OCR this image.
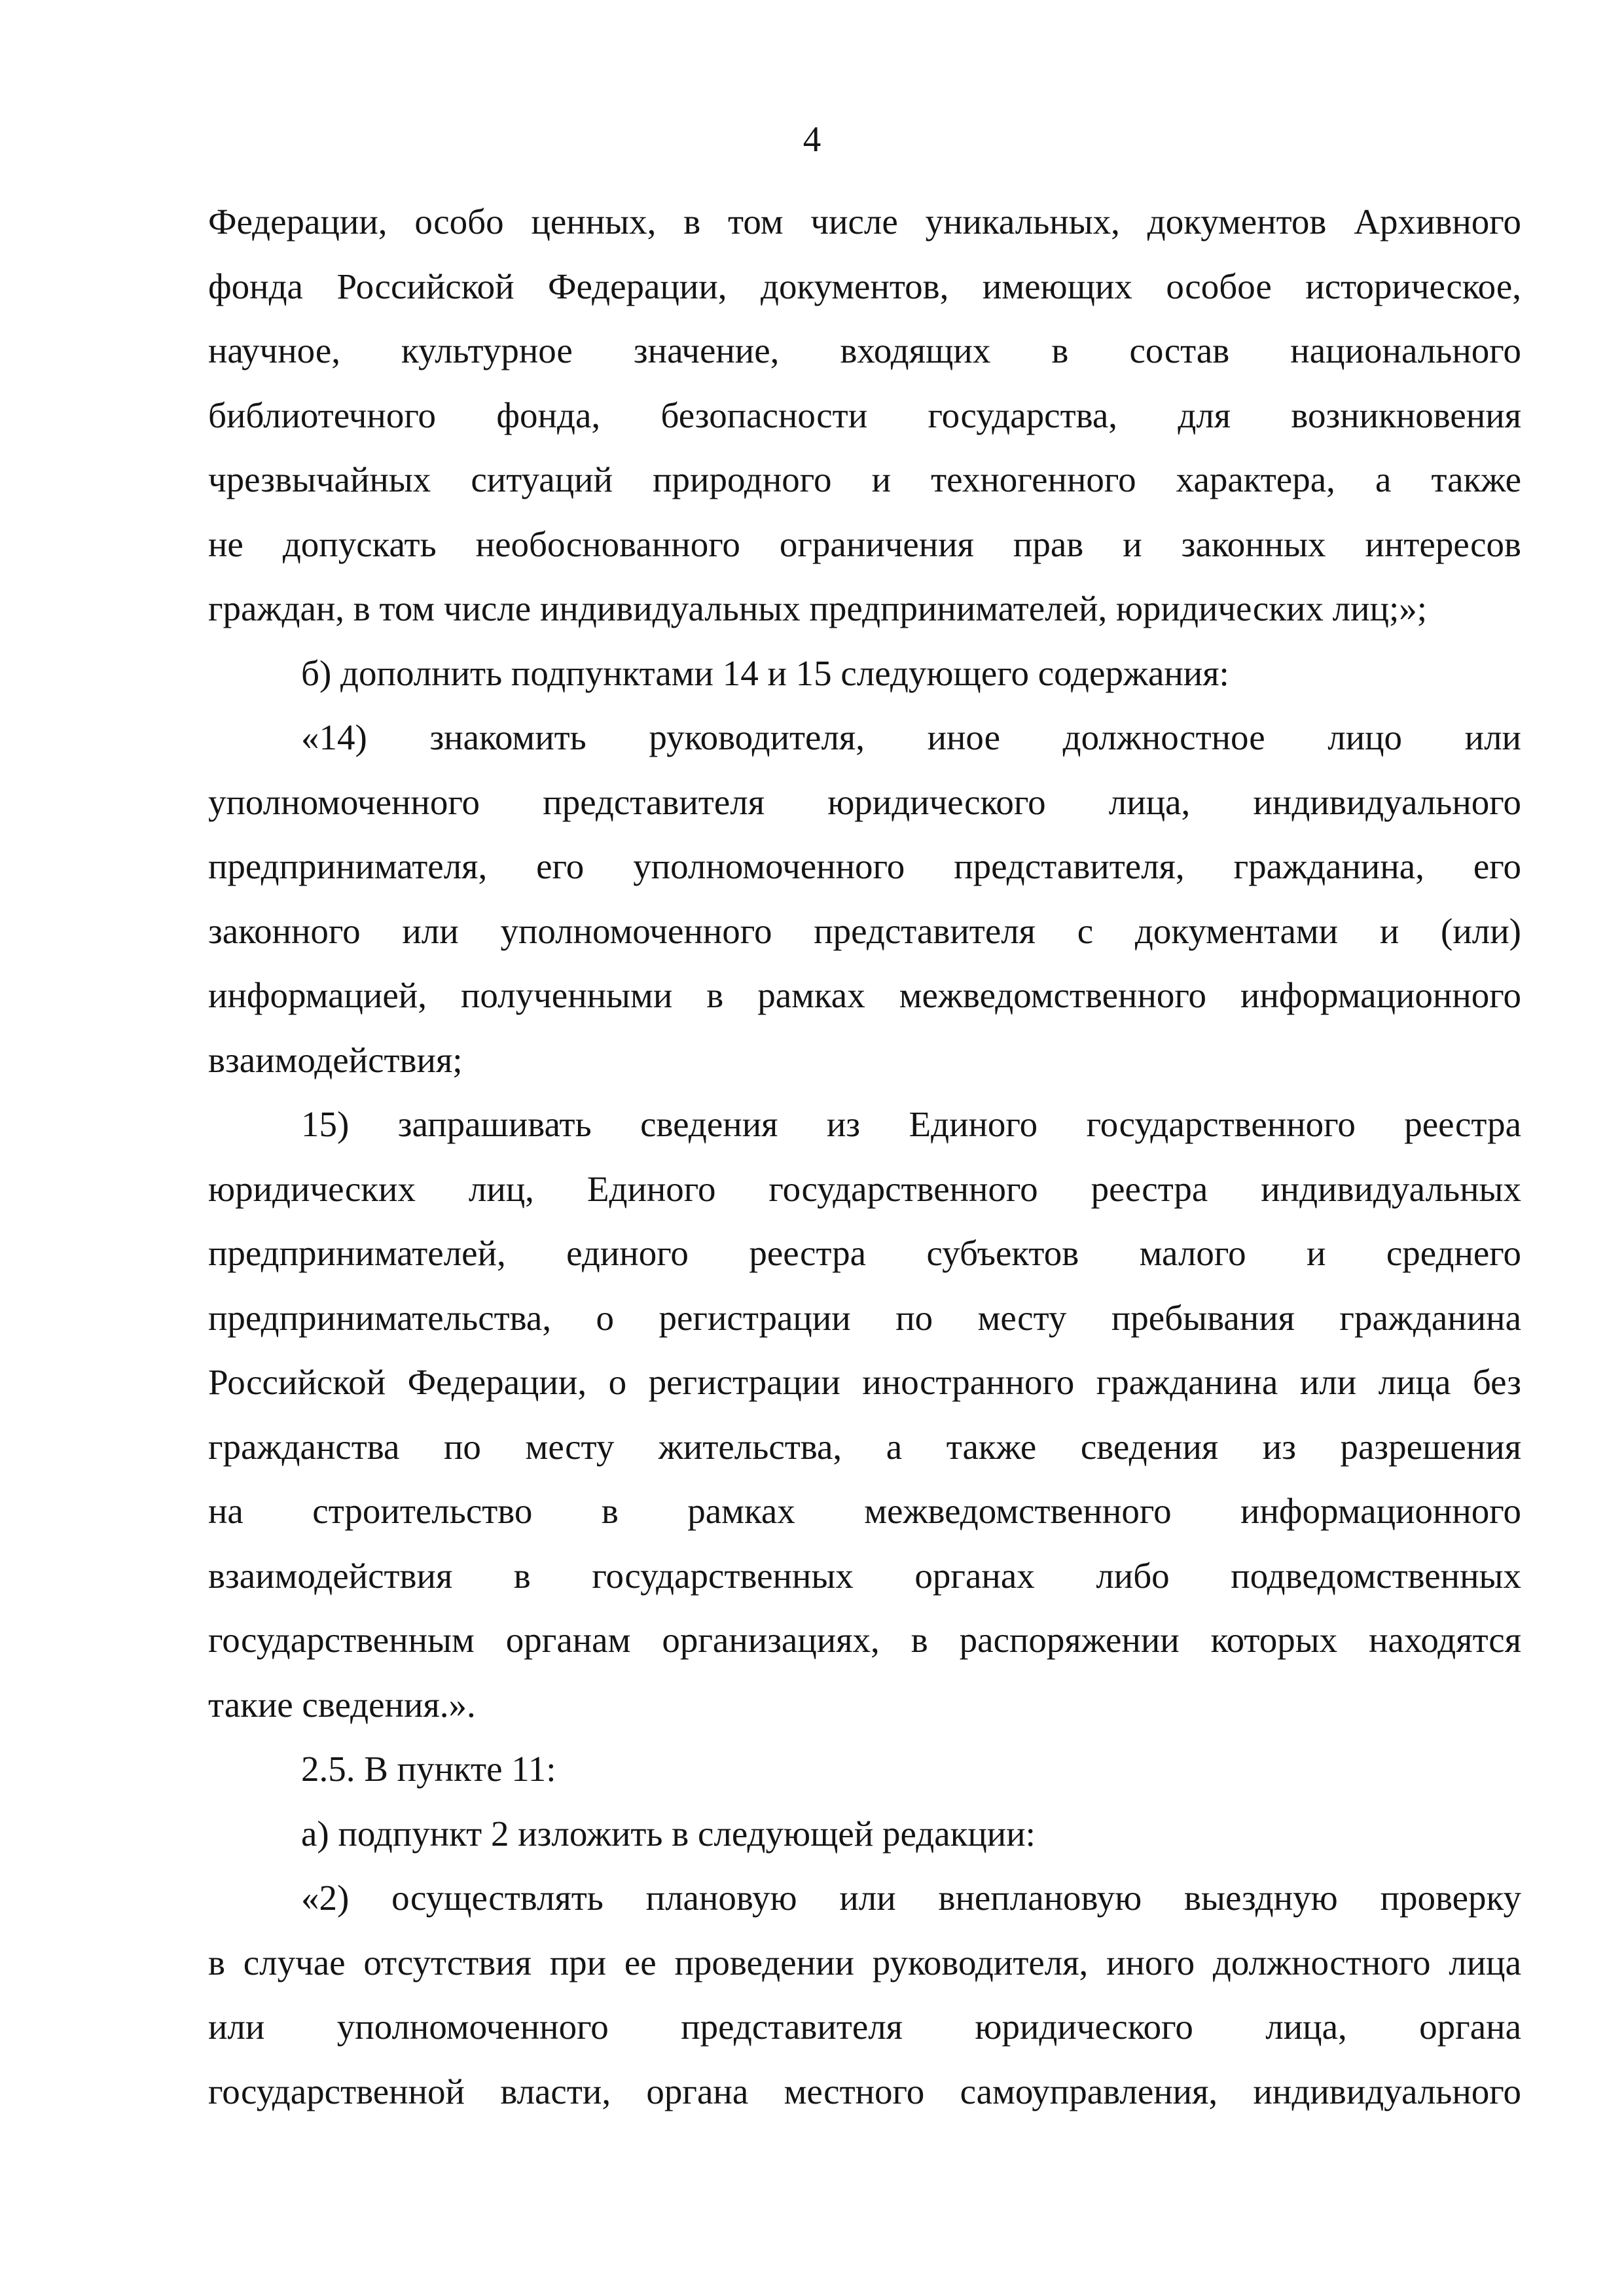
4
Федерации, особо ценных, в том числе уникальных, документов Архивного
фонда Российской Федерации, документов, имеющих особое историческое,
научное, культурное значение, входящих в состав национального
библиотечного фонда, безопасности государства, для возникновения
чрезвычайных ситуаций природного и техногенного характера, а также
не допускать необоснованного ограничения прав и законных интересов
граждан, в том числе индивидуальных предпринимателей, юридических лиц;»;
б) дополнить подпунктами 14 и 15 следующего содержания:
«14) знакомить руководителя, иное должностное лицо или
уполномоченного представителя юридического лица, индивидуального
предпринимателя, его уполномоченного представителя, гражданина, его
законного или уполномоченного представителя с документами и (или)
информацией, полученными в рамках межведомственного информационного
взаимодействия;
15) запрашивать сведения из Единого государственного реестра
юридических лиц, Единого государственного реестра индивидуальных
предпринимателей, единого реестра субъектов малого и среднего
предпринимательства, о регистрации по месту пребывания гражданина
Российской Федерации, о регистрации иностранного гражданина или лица без
гражданства по месту жительства, а также сведения из разрешения
на строительство в рамках межведомственного информационного
взаимодействия в государственных органах либо подведомственных
государственным органам организациях, в распоряжении которых находятся
такие сведения.».
2.5. В пункте 11:
а) подпункт 2 изложить в следующей редакции:
«2) осуществлять плановую или внеплановую выездную проверку
в случае отсутствия при ее проведении руководителя, иного должностного лица
или уполномоченного представителя юридического лица, органа
государственной власти, органа местного самоуправления, индивидуального
